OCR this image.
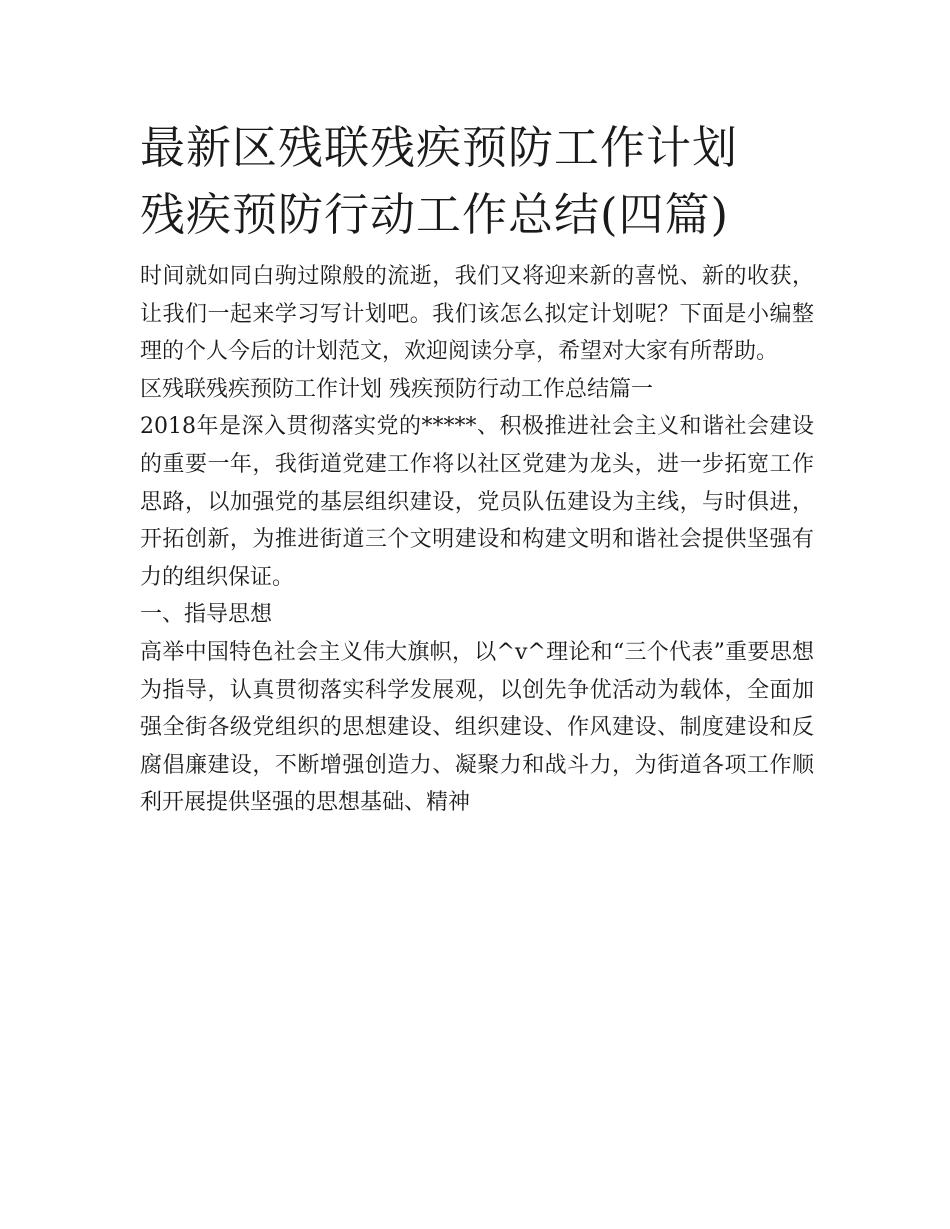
最新区残联残疾预防工作计划
残疾预防行动工作总结(四篇)

时间就如同白驹过隙般的流逝，我们又将迎来新的喜悦、新的收获，让我们一起来学习写计划吧。我们该怎么拟定计划呢？下面是小编整理的个人今后的计划范文，欢迎阅读分享，希望对大家有所帮助。

区残联残疾预防工作计划 残疾预防行动工作总结篇一

2018年是深入贯彻落实党的*****、积极推进社会主义和谐社会建设的重要一年，我街道党建工作将以社区党建为龙头，进一步拓宽工作思路，以加强党的基层组织建设，党员队伍建设为主线，与时俱进，开拓创新，为推进街道三个文明建设和构建文明和谐社会提供坚强有力的组织保证。

一、指导思想

高举中国特色社会主义伟大旗帜，以^v^理论和“三个代表”重要思想为指导，认真贯彻落实科学发展观，以创先争优活动为载体，全面加强全街各级党组织的思想建设、组织建设、作风建设、制度建设和反腐倡廉建设，不断增强创造力、凝聚力和战斗力，为街道各项工作顺利开展提供坚强的思想基础、精神
